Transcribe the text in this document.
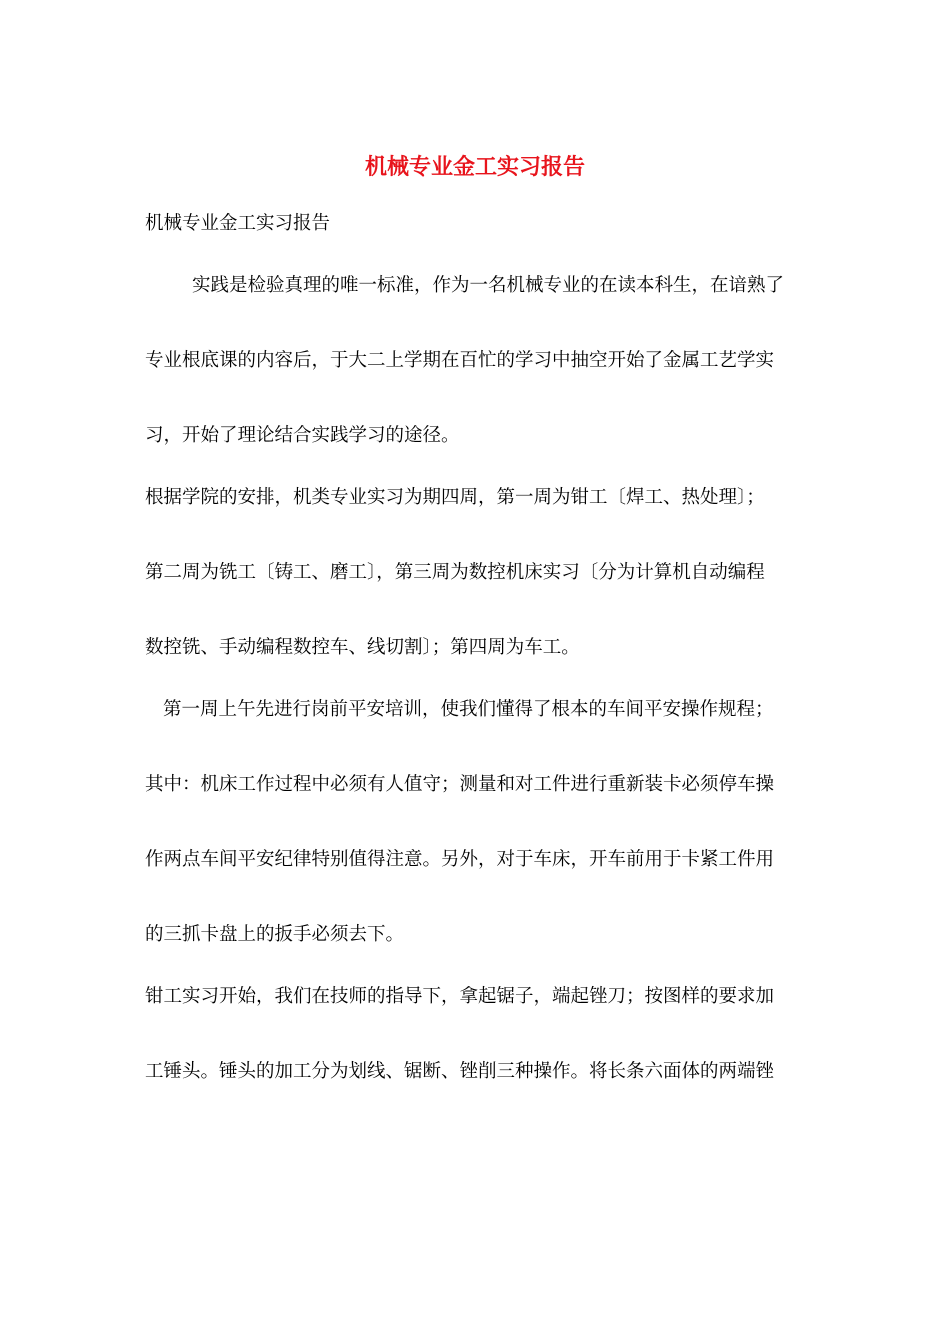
机械专业金工实习报告
机械专业金工实习报告
实践是检验真理的唯一标准，作为一名机械专业的在读本科生，在谙熟了
专业根底课的内容后，于大二上学期在百忙的学习中抽空开始了金属工艺学实
习，开始了理论结合实践学习的途径。
根据学院的安排，机类专业实习为期四周，第一周为钳工〔焊工、热处理〕；
第二周为铣工〔铸工、磨工〕，第三周为数控机床实习〔分为计算机自动编程
数控铣、手动编程数控车、线切割〕；第四周为车工。
第一周上午先进行岗前平安培训，使我们懂得了根本的车间平安操作规程；
其中：机床工作过程中必须有人值守；测量和对工件进行重新装卡必须停车操
作两点车间平安纪律特别值得注意。另外，对于车床，开车前用于卡紧工件用
的三抓卡盘上的扳手必须去下。
钳工实习开始，我们在技师的指导下，拿起锯子，端起锉刀；按图样的要求加
工锤头。锤头的加工分为划线、锯断、锉削三种操作。将长条六面体的两端锉
